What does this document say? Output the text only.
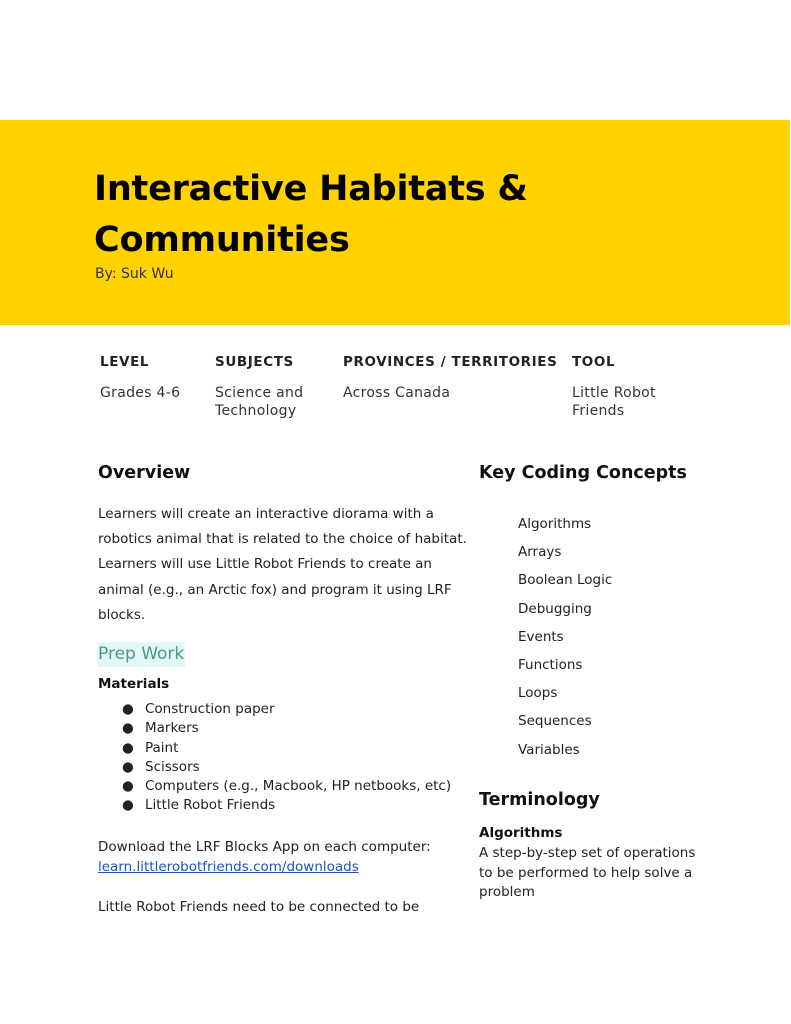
Interactive Habitats &
Communities
By: Suk Wu
LEVEL
Grades 4-6
SUBJECTS
Science and
Technology
PROVINCES / TERRITORIES
Across Canada
TOOL
Little Robot
Friends
Overview
Learners will create an interactive diorama with a
robotics animal that is related to the choice of habitat.
Learners will use Little Robot Friends to create an
animal (e.g., an Arctic fox) and program it using LRF
blocks.
Prep Work
Materials
● Construction paper
● Markers
● Paint
● Scissors
● Computers (e.g., Macbook, HP netbooks, etc)
● Little Robot Friends
Download the LRF Blocks App on each computer:
learn.littlerobotfriends.com/downloads
Little Robot Friends need to be connected to be
Key Coding Concepts
Algorithms
Arrays
Boolean Logic
Debugging
Events
Functions
Loops
Sequences
Variables
Terminology
Algorithms
A step-by-step set of operations
to be performed to help solve a
problem
